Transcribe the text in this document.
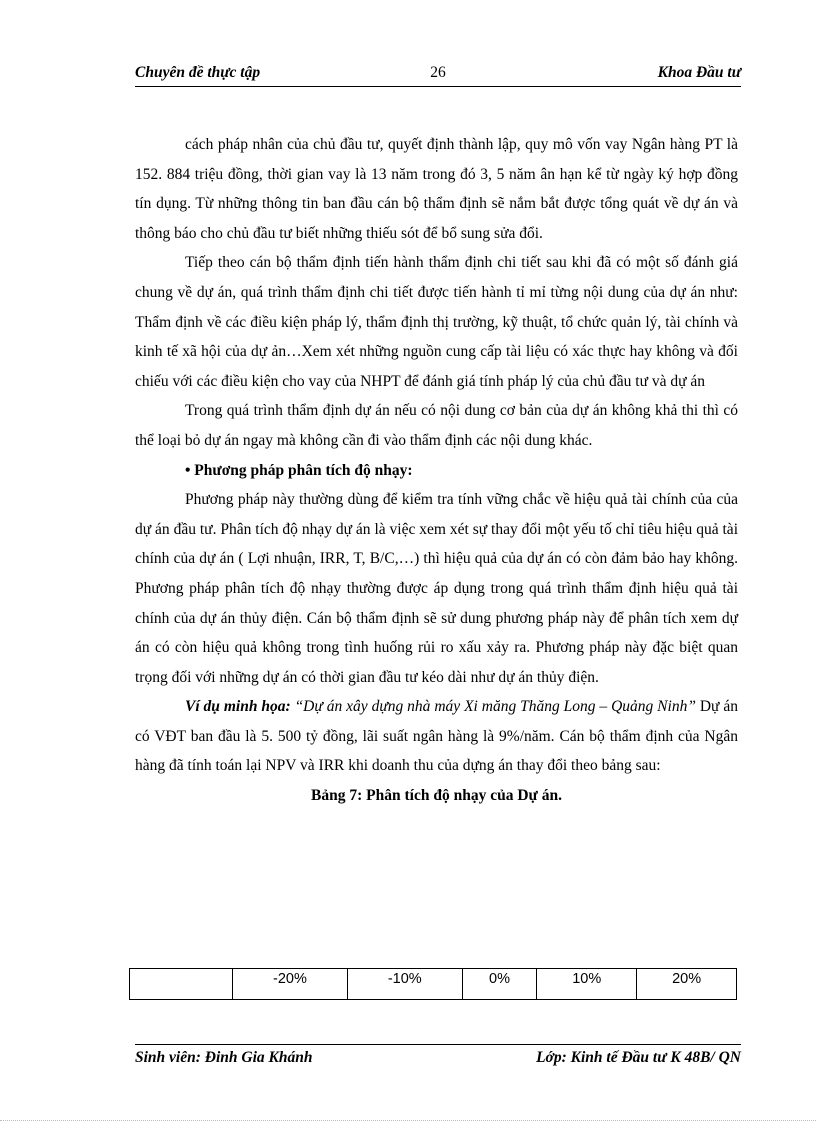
Chuyên đề thực tập	26	Khoa Đầu tư

cách pháp nhân của chủ đầu tư, quyết định thành lập, quy mô vốn vay Ngân hàng PT là 152. 884 triệu đồng, thời gian vay là 13 năm trong đó 3, 5 năm ân hạn kể từ ngày ký hợp đồng tín dụng. Từ những thông tin ban đầu cán bộ thẩm định sẽ nắm bắt được tổng quát về dự án và thông báo cho chủ đầu tư biết những thiếu sót để bổ sung sửa đổi.

Tiếp theo cán bộ thẩm định tiến hành thẩm định chi tiết sau khi đã có một số đánh giá chung về dự án, quá trình thẩm định chi tiết được tiến hành tỉ mỉ từng nội dung của dự án như: Thẩm định về các điều kiện pháp lý, thẩm định thị trường, kỹ thuật, tổ chức quản lý, tài chính và kinh tế xã hội của dự ản…Xem xét những nguồn cung cấp tài liệu có xác thực hay không và đối chiếu với các điều kiện cho vay của NHPT để đánh giá tính pháp lý của chủ đầu tư và dự án

Trong quá trình thẩm định dự án nếu có nội dung cơ bản của dự án không khả thi thì có thể loại bỏ dự án ngay mà không cần đi vào thẩm định các nội dung khác.

• Phương pháp phân tích độ nhạy:

Phương pháp này thường dùng để kiểm tra tính vững chắc về hiệu quả tài chính của của dự án đầu tư. Phân tích độ nhạy dự án là việc xem xét sự thay đổi một yếu tố chỉ tiêu hiệu quả tài chính của dự án ( Lợi nhuận, IRR, T, B/C,…) thì hiệu quả của dự án có còn đảm bảo hay không. Phương pháp phân tích độ nhạy thường được áp dụng trong quá trình thẩm định hiệu quả tài chính của dự án thủy điện. Cán bộ thẩm định sẽ sử dung phương pháp này để phân tích xem dự án có còn hiệu quả không trong tình huống rủi ro xấu xảy ra. Phương pháp này đặc biệt quan trọng đối với những dự án có thời gian đầu tư kéo dài như dự án thủy điện.

Ví dụ minh họa: “Dự án xây dựng nhà máy Xi măng Thăng Long – Quảng Ninh” Dự án có VĐT ban đầu là 5. 500 tỷ đồng, lãi suất ngân hàng là 9%/năm. Cán bộ thẩm định của Ngân hàng đã tính toán lại NPV và IRR khi doanh thu của dựng án thay đổi theo bảng sau:

Bảng 7: Phân tích độ nhạy của Dự án.

	-20%	-10%	0%	10%	20%
Sinh viên: Đinh Gia Khánh	Lớp: Kinh tế Đầu tư K 48B/ QN
